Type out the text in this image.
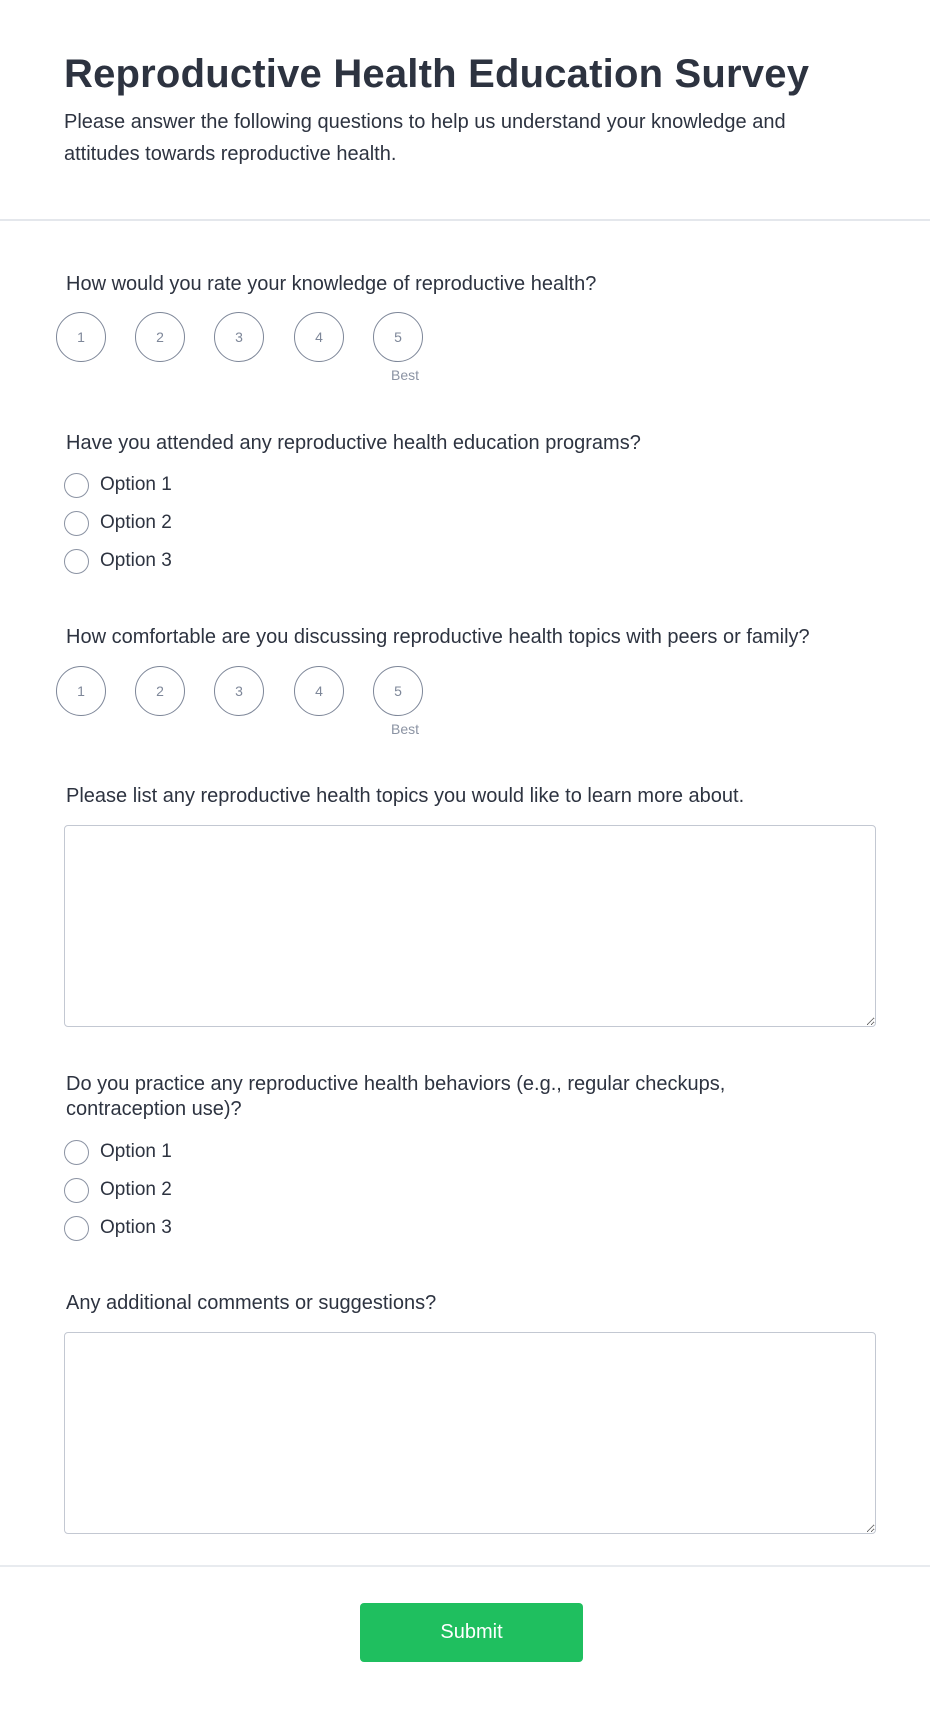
Reproductive Health Education Survey

Please answer the following questions to help us understand your knowledge and attitudes towards reproductive health.

How would you rate your knowledge of reproductive health?
1	2	3	4	5
Best
Have you attended any reproductive health education programs?
Option 1
Option 2
Option 3
How comfortable are you discussing reproductive health topics with peers or family?
1	2	3	4	5
Best
Please list any reproductive health topics you would like to learn more about.
Do you practice any reproductive health behaviors (e.g., regular checkups, contraception use)?
Option 1
Option 2
Option 3
Any additional comments or suggestions?
Submit
